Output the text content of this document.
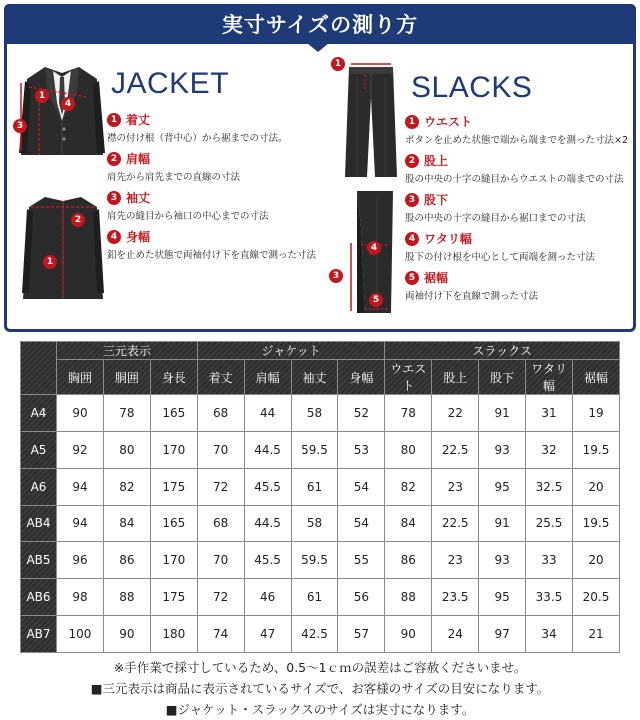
実寸サイズの測り方
3
4
1
2
1
JACKET
1 着丈
襟の付け根（背中心）から裾までの寸法。
2 肩幅
肩先から肩先までの直線の寸法
3 袖丈
肩先の縫目から袖口の中心までの寸法
4 身幅
釦を止めた状態で両袖付け下を直線で測った寸法
1
4
3
5
SLACKS
1 ウエスト
ボタンを止めた状態で端から端までを測った寸法×2
2 股上
股の中央の十字の縫目からウエストの端までの寸法
3 股下
股の中央の十字の縫目から裾口までの寸法
4 ワタリ幅
股下の付け根を中心として両端を測った寸法
5 裾幅
両袖付け下を直線で測った寸法
	三元表示			ジャケット				スラックス				
	胸囲	胴囲	身長	着丈	肩幅	袖丈	身幅	ウエスト	股上	股下	ワタリ幅	裾幅
A4	90	78	165	68	44	58	52	78	22	91	31	19
A5	92	80	170	70	44.5	59.5	53	80	22.5	93	32	19.5
A6	94	82	175	72	45.5	61	54	82	23	95	32.5	20
AB4	94	84	165	68	44.5	58	54	84	22.5	91	25.5	19.5
AB5	96	86	170	70	45.5	59.5	55	86	23	93	33	20
AB6	98	88	175	72	46	61	56	88	23.5	95	33.5	20.5
AB7	100	90	180	74	47	42.5	57	90	24	97	34	21
※手作業で採寸しているため、0.5〜1ｃｍの誤差はご容赦くださいませ。
■三元表示は商品に表示されているサイズで、お客様のサイズの目安になります。
■ジャケット・スラックスのサイズは実寸になります。
